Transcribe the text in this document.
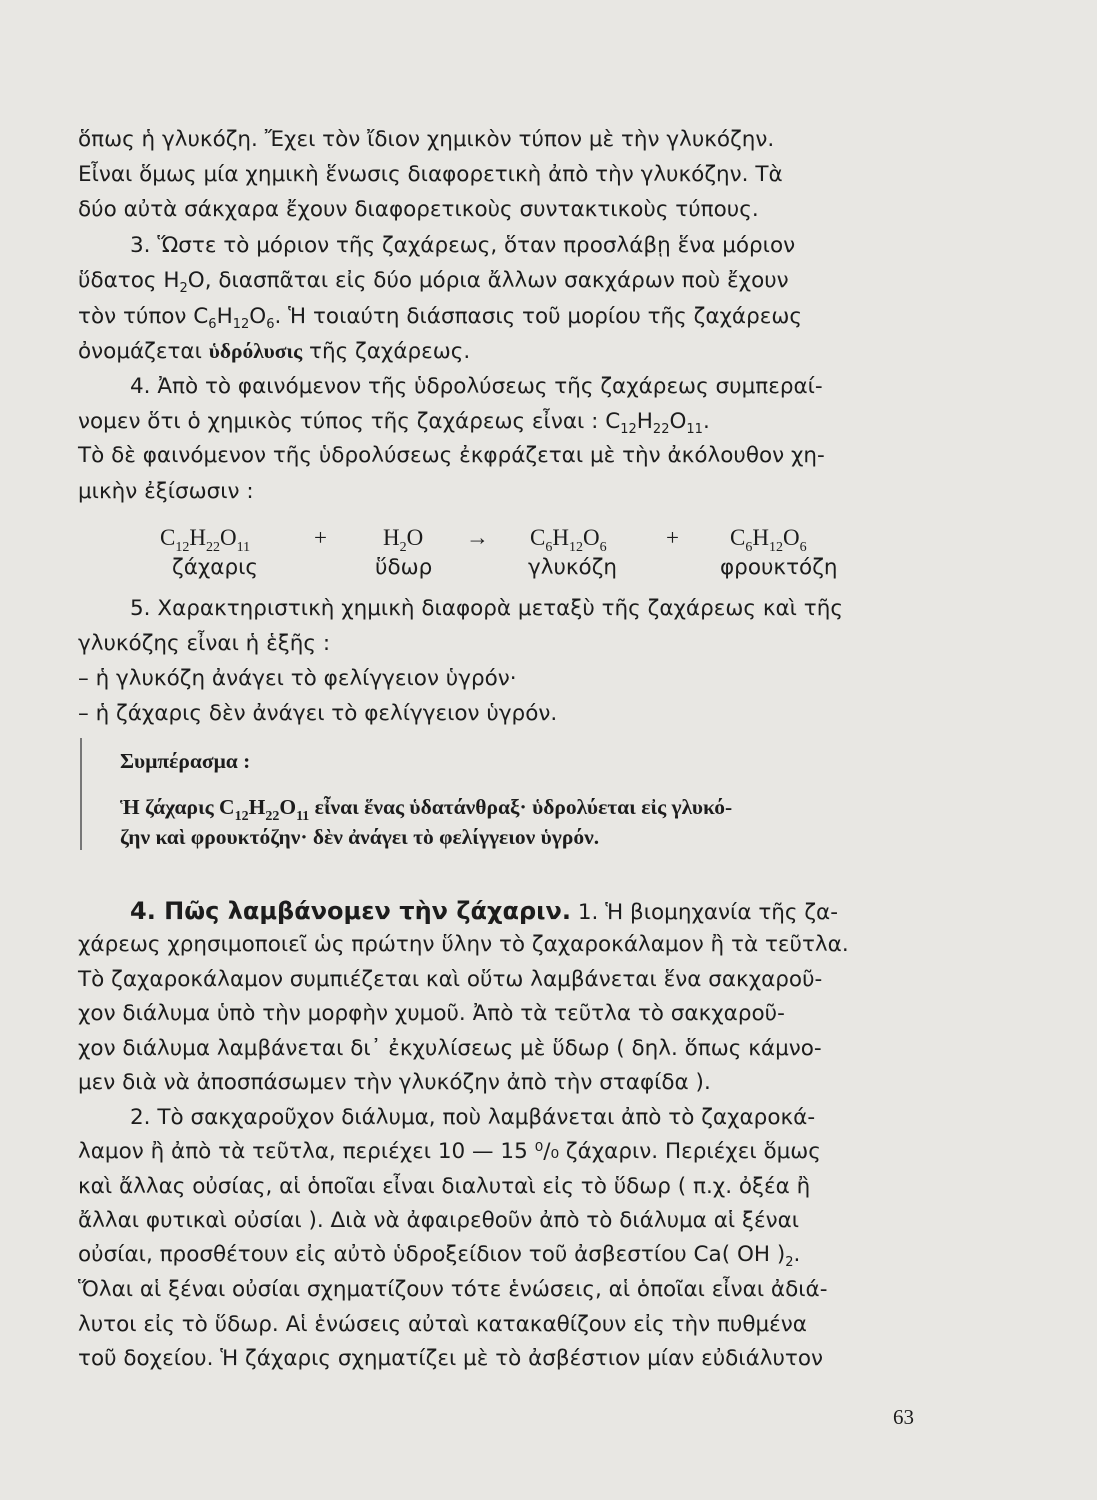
ὅπως ἡ γλυκόζη. Ἔχει τὸν ἴδιον χημικὸν τύπον μὲ τὴν γλυκόζην.
Εἶναι ὅμως μία χημικὴ ἕνωσις διαφορετικὴ ἀπὸ τὴν γλυκόζην. Τὰ
δύο αὐτὰ σάκχαρα ἔχουν διαφορετικοὺς συντακτικοὺς τύπους.
3. Ὥστε τὸ μόριον τῆς ζαχάρεως, ὅταν προσλάβῃ ἕνα μόριον
ὕδατος $H_2O$, διασπᾶται εἰς δύο μόρια ἄλλων σακχάρων ποὺ ἔχουν
τὸν τύπον $C_6H_{12}O_6$. Ἡ τοιαύτη διάσπασις τοῦ μορίου τῆς ζαχάρεως
ὀνομάζεται ὑδρόλυσις τῆς ζαχάρεως.
4. Ἀπὸ τὸ φαινόμενον τῆς ὑδρολύσεως τῆς ζαχάρεως συμπεραί-
νομεν ὅτι ὁ χημικὸς τύπος τῆς ζαχάρεως εἶναι : $C_{12}H_{22}O_{11}$.
Τὸ δὲ φαινόμενον τῆς ὑδρολύσεως ἐκφράζεται μὲ τὴν ἀκόλουθον χη-
μικὴν ἐξίσωσιν :
$C_{12}H_{22}O_{11}$	+ $H_2O \to C_6H_{12}O_6$	+ $C_6H_{12}O_6$
ζάχαρις	ὕδωρ	γλυκόζη	φρουκτόζη
5. Χαρακτηριστικὴ χημικὴ διαφορὰ μεταξὺ τῆς ζαχάρεως καὶ τῆς
γλυκόζης εἶναι ἡ ἑξῆς :
– ἡ γλυκόζη ἀνάγει τὸ φελίγγειον ὑγρόν·
– ἡ ζάχαρις δὲν ἀνάγει τὸ φελίγγειον ὑγρόν.
Συμπέρασμα :
Ἡ ζάχαρις $C_{12}H_{22}O_{11}$ εἶναι ἕνας ὑδατάνθραξ· ὑδρολύεται εἰς γλυκό-
ζην καὶ φρουκτόζην· δὲν ἀνάγει τὸ φελίγγειον ὑγρόν.
4. Πῶς λαμβάνομεν τὴν ζάχαριν. 1. Ἡ βιομηχανία τῆς ζα-
χάρεως χρησιμοποιεῖ ὡς πρώτην ὕλην τὸ ζαχαροκάλαμον ἢ τὰ τεῦτλα.
Τὸ ζαχαροκάλαμον συμπιέζεται καὶ οὕτω λαμβάνεται ἕνα σακχαροῦ-
χον διάλυμα ὑπὸ τὴν μορφὴν χυμοῦ. Ἀπὸ τὰ τεῦτλα τὸ σακχαροῦ-
χον διάλυμα λαμβάνεται δι᾿ ἐκχυλίσεως μὲ ὕδωρ ( δηλ. ὅπως κάμνο-
μεν διὰ νὰ ἀποσπάσωμεν τὴν γλυκόζην ἀπὸ τὴν σταφίδα ).
2. Τὸ σακχαροῦχον διάλυμα, ποὺ λαμβάνεται ἀπὸ τὸ ζαχαροκά-
λαμον ἢ ἀπὸ τὰ τεῦτλα, περιέχει 10 — 15 ⁰/₀ ζάχαριν. Περιέχει ὅμως
καὶ ἄλλας οὐσίας, αἱ ὁποῖαι εἶναι διαλυταὶ εἰς τὸ ὕδωρ ( π.χ. ὀξέα ἢ
ἄλλαι φυτικαὶ οὐσίαι ). Διὰ νὰ ἀφαιρεθοῦν ἀπὸ τὸ διάλυμα αἱ ξέναι
οὐσίαι, προσθέτουν εἰς αὐτὸ ὑδροξείδιον τοῦ ἀσβεστίου Ca( OH )$_2$.
Ὅλαι αἱ ξέναι οὐσίαι σχηματίζουν τότε ἑνώσεις, αἱ ὁποῖαι εἶναι ἀδιά-
λυτοι εἰς τὸ ὕδωρ. Αἱ ἑνώσεις αὐταὶ κατακαθίζουν εἰς τὴν πυθμένα
τοῦ δοχείου. Ἡ ζάχαρις σχηματίζει μὲ τὸ ἀσβέστιον μίαν εὐδιάλυτον
63
